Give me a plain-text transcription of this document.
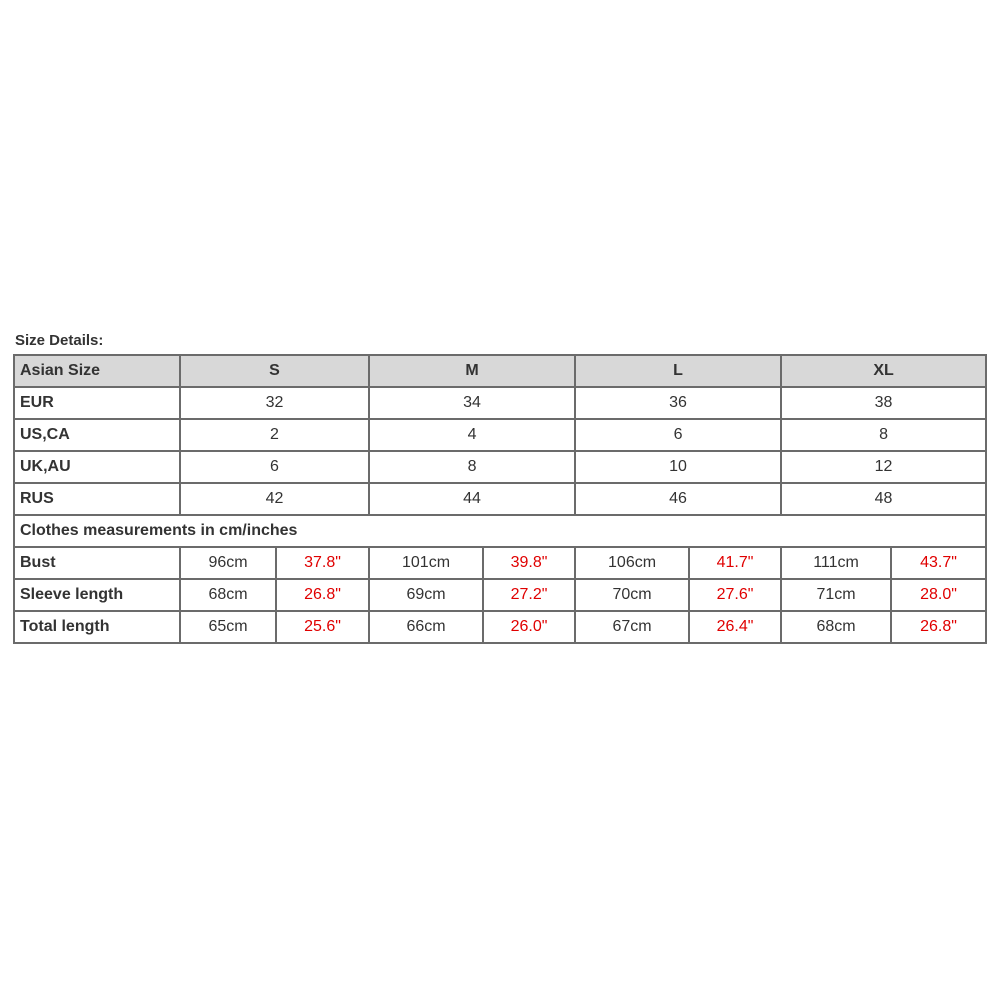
Size Details:
Asian Size	S		M		L		XL	
EUR	32		34		36		38	
US,CA	2		4		6		8	
UK,AU	6		8		10		12	
RUS	42		44		46		48	
Clothes measurements in cm/inches								
Bust	96cm	37.8"	101cm	39.8"	106cm	41.7"	111cm	43.7"
Sleeve length	68cm	26.8"	69cm	27.2"	70cm	27.6"	71cm	28.0"
Total length	65cm	25.6"	66cm	26.0"	67cm	26.4"	68cm	26.8"
